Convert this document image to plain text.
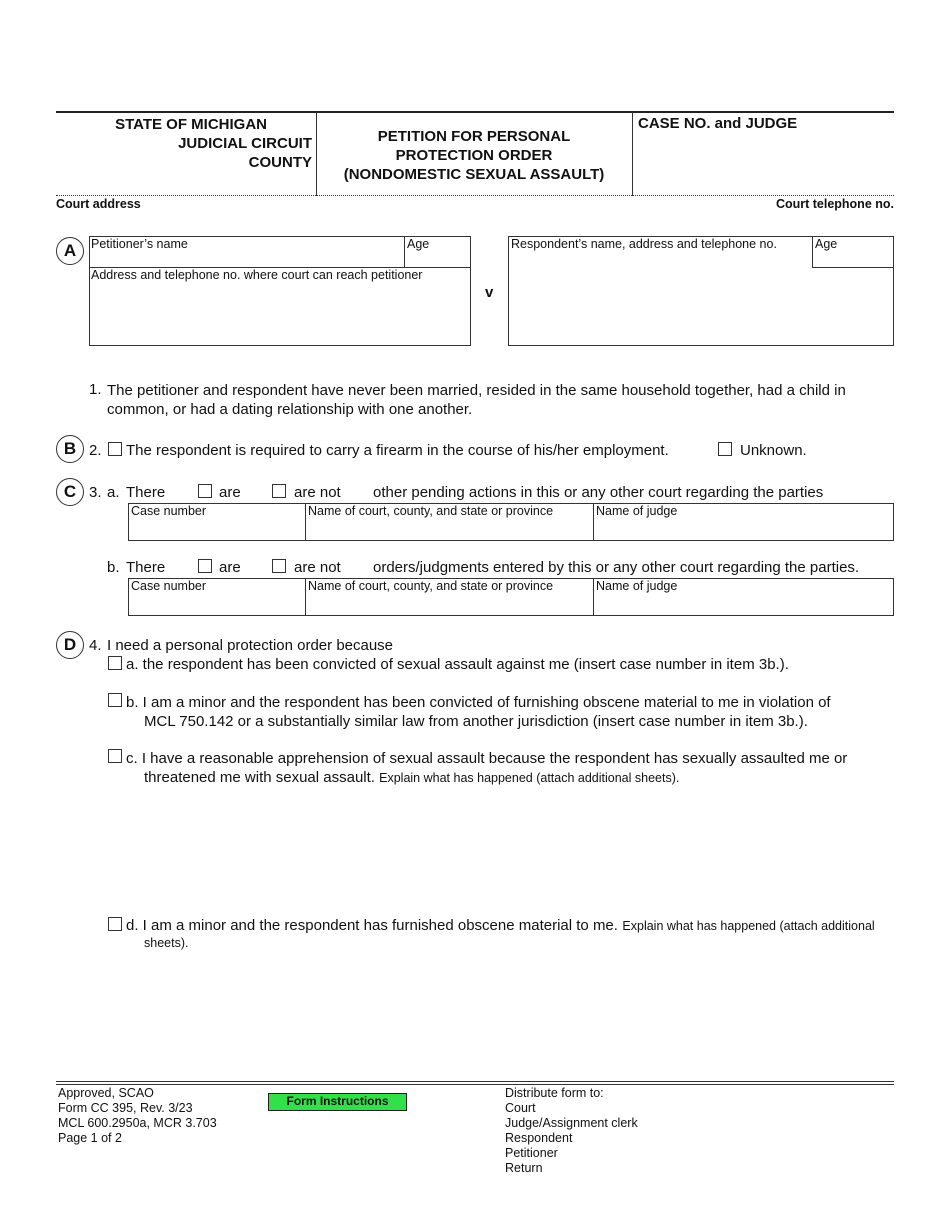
STATE OF MICHIGAN
JUDICIAL CIRCUIT
COUNTY
PETITION FOR PERSONAL
PROTECTION ORDER
(NONDOMESTIC SEXUAL ASSAULT)
CASE NO. and JUDGE
Court address	Court telephone no.
A	Petitioner’s name	Age
Address and telephone no. where court can reach petitioner
v
Respondent’s name, address and telephone no.	Age
1. The petitioner and respondent have never been married, resided in the same household together, had a child in
common, or had a dating relationship with one another.
B 2. The respondent is required to carry a firearm in the course of his/her employment.	Unknown.
C 3. a. There	are	are not other pending actions in this or any other court regarding the parties
Case number	Name of court, county, and state or province	Name of judge
b. There	are	are not orders/judgments entered by this or any other court regarding the parties.
Case number	Name of court, county, and state or province	Name of judge
D 4. I need a personal protection order because
a. the respondent has been convicted of sexual assault against me (insert case number in item 3b.).
b. I am a minor and the respondent has been convicted of furnishing obscene material to me in violation of
MCL 750.142 or a substantially similar law from another jurisdiction (insert case number in item 3b.).
c. I have a reasonable apprehension of sexual assault because the respondent has sexually assaulted me or
threatened me with sexual assault. Explain what has happened (attach additional sheets).
d. I am a minor and the respondent has furnished obscene material to me. Explain what has happened (attach additional
sheets).
Approved, SCAO
Form CC 395, Rev. 3/23
MCL 600.2950a, MCR 3.703
Page 1 of 2
Form Instructions
Distribute form to:
Court
Judge/Assignment clerk
Respondent
Petitioner
Return
